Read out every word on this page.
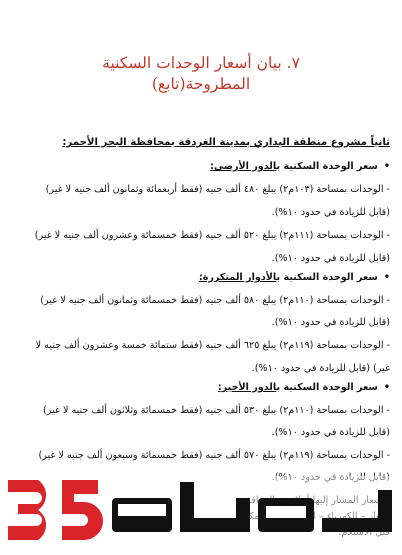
٧. بيان أسعار الوحدات السكنية
المطروحة(تابع)
ثانياً مشروع منطقة البداري بمدينة الغردقة بمحافظة البحر الأحمر:
•سعر الوحدة السكنية بالدور الأرضي:
- الوحدات بمساحة (١٠٣م٢) يبلغ ٤٨٠ ألف جنيه (فقط أربعمائة وثمانون ألف جنيه لا غير)
(قابل للزيادة في حدود ١٠%).
- الوحدات بمساحة (١١١م٢) يبلغ ٥٢٠ ألف جنيه (فقط خمسمائة وعشرون ألف جنيه لا غير)
(قابل للزيادة في حدود ١٠%).
•سعر الوحدة السكنية بالأدوار المتكررة:
- الوحدات بمساحة (١١٠م٢) يبلغ ٥٨٠ ألف جنيه (فقط خمسمائة وثمانون ألف جنيه لا غير)
(قابل للزيادة في حدود ١٠%).
- الوحدات بمساحة (١١٩م٢) يبلغ ٦٢٥ ألف جنيه (فقط ستمائة خمسة وعشرون ألف جنيه لا
غير) (قابل للزيادة في حدود ١٠%).
•سعر الوحدة السكنية بالدور الأخير:
- الوحدات بمساحة (١١٠م٢) يبلغ ٥٣٠ ألف جنيه (فقط خمسمائة وثلاثون ألف جنيه لا غير)
(قابل للزيادة في حدود ١٠%).
- الوحدات بمساحة (١١٩م٢) يبلغ ٥٧٠ ألف جنيه (فقط خمسمائة وسبعون ألف جنيه لا غير)
